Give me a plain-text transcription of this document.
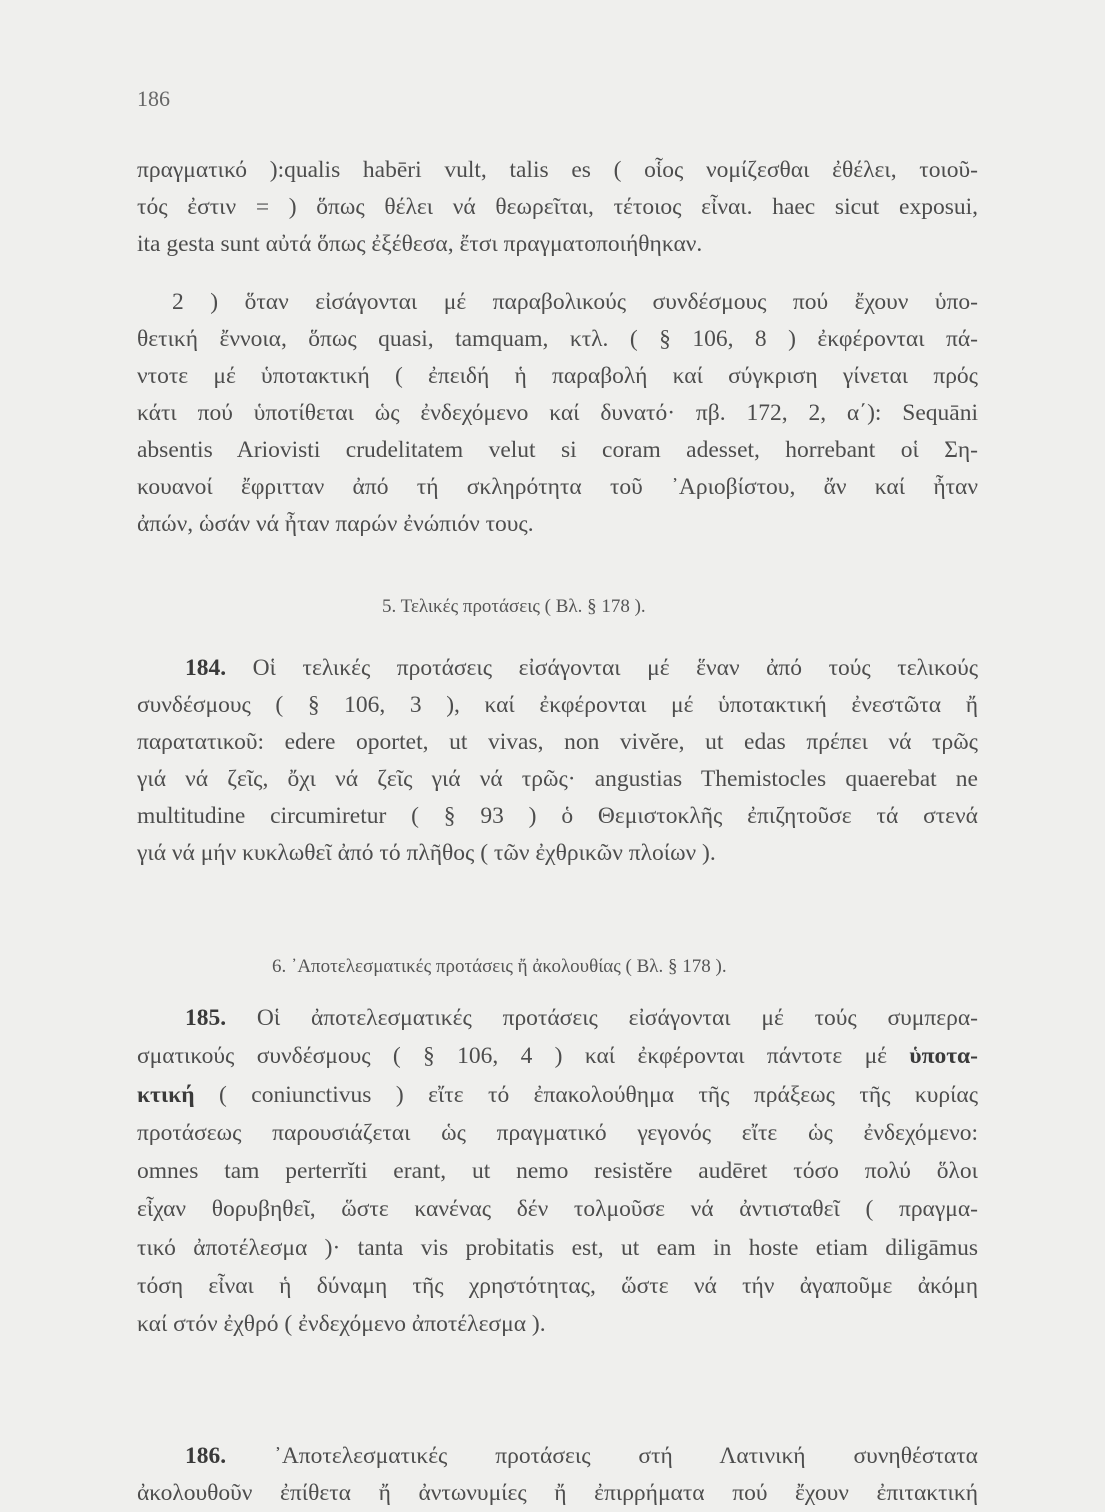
186
πραγματικό ):qualis habēri vult, talis es ( οἷος νομίζεσθαι ἐθέλει, τοιοῦ-
τός ἐστιν = ) ὅπως θέλει νά θεωρεῖται, τέτοιος εἶναι. haec sicut exposui,
ita gesta sunt αὐτά ὅπως ἐξέθεσα, ἔτσι πραγματοποιήθηκαν.
2 ) ὅταν εἰσάγονται μέ παραβολικούς συνδέσμους πού ἔχουν ὑπο-
θετική ἔννοια, ὅπως quasi, tamquam, κτλ. ( § 106, 8 ) ἐκφέρονται πά-
ντοτε μέ ὑποτακτική ( ἐπειδή ἡ παραβολή καί σύγκριση γίνεται πρός
κάτι πού ὑποτίθεται ὡς ἐνδεχόμενο καί δυνατό· πβ. 172, 2, α΄): Sequāni
absentis Ariovisti crudelitatem velut si coram adesset, horrebant οἱ Ση-
κουανοί ἔφριτταν ἀπό τή σκληρότητα τοῦ ᾿Αριοβίστου, ἄν καί ἦταν
ἀπών, ὡσάν νά ἦταν παρών ἐνώπιόν τους.
5. Τελικές προτάσεις ( Βλ. § 178 ).
184. Οἱ τελικές προτάσεις εἰσάγονται μέ ἕναν ἀπό τούς τελικούς
συνδέσμους ( § 106, 3 ), καί ἐκφέρονται μέ ὑποτακτική ἐνεστῶτα ἤ
παρατατικοῦ: edere oportet, ut vivas, non vivĕre, ut edas πρέπει νά τρῶς
γιά νά ζεῖς, ὄχι νά ζεῖς γιά νά τρῶς· angustias Themistocles quaerebat ne
multitudine circumiretur ( § 93 ) ὁ Θεμιστοκλῆς ἐπιζητοῦσε τά στενά
γιά νά μήν κυκλωθεῖ ἀπό τό πλῆθος ( τῶν ἐχθρικῶν πλοίων ).
6. ᾿Αποτελεσματικές προτάσεις ἤ ἀκολουθίας ( Βλ. § 178 ).
185. Οἱ ἀποτελεσματικές προτάσεις εἰσάγονται μέ τούς συμπερα-
σματικούς συνδέσμους ( § 106, 4 ) καί ἐκφέρονται πάντοτε μέ ὑποτα-
κτική ( coniunctivus ) εἴτε τό ἐπακολούθημα τῆς πράξεως τῆς κυρίας
προτάσεως παρουσιάζεται ὡς πραγματικό γεγονός εἴτε ὡς ἐνδεχόμενο:
omnes tam perterrĭti erant, ut nemo resistĕre audēret τόσο πολύ ὅλοι
εἶχαν θορυβηθεῖ, ὥστε κανένας δέν τολμοῦσε νά ἀντισταθεῖ ( πραγμα-
τικό ἀποτέλεσμα )· tanta vis probitatis est, ut eam in hoste etiam diligāmus
τόση εἶναι ἡ δύναμη τῆς χρηστότητας, ὥστε νά τήν ἀγαποῦμε ἀκόμη
καί στόν ἐχθρό ( ἐνδεχόμενο ἀποτέλεσμα ).
186. ᾿Αποτελεσματικές προτάσεις στή Λατινική συνηθέστατα
ἀκολουθοῦν ἐπίθετα ἤ ἀντωνυμίες ἤ ἐπιρρήματα πού ἔχουν ἐπιτακτική
